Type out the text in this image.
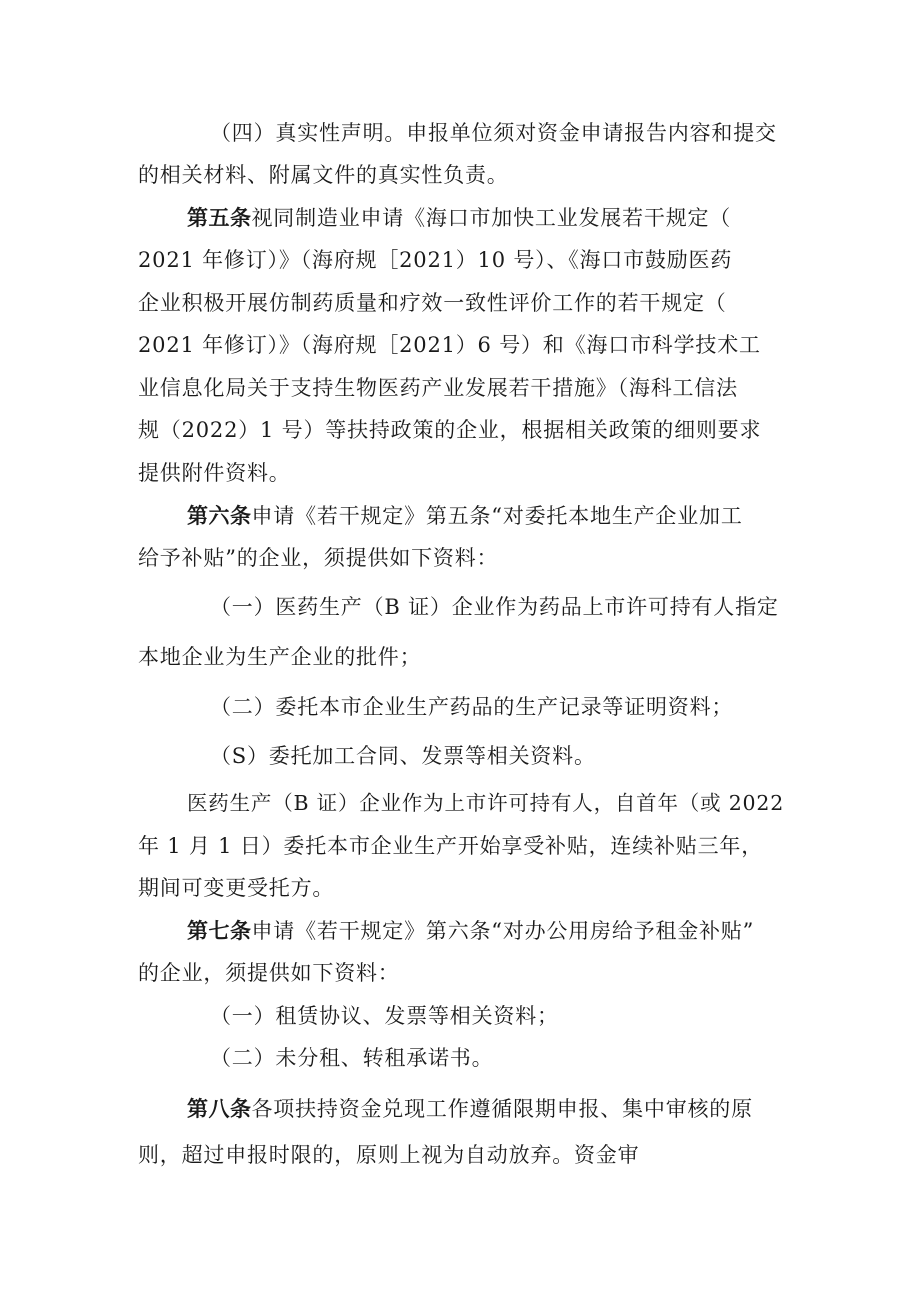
（四）真实性声明。申报单位须对资金申请报告内容和提交

的相关材料、附属文件的真实性负责。

第五条视同制造业申请《海口市加快工业发展若干规定（

2021 年修订）》（海府规［2021）10 号）、《海口市鼓励医药

企业积极开展仿制药质量和疗效一致性评价工作的若干规定（

2021 年修订）》（海府规［2021）6 号）和《海口市科学技术工

业信息化局关于支持生物医药产业发展若干措施》（海科工信法

规（2022）1 号）等扶持政策的企业，根据相关政策的细则要求

提供附件资料。

第六条申请《若干规定》第五条“对委托本地生产企业加工

给予补贴”的企业，须提供如下资料：

（一）医药生产（B 证）企业作为药品上市许可持有人指定

本地企业为生产企业的批件；

（二）委托本市企业生产药品的生产记录等证明资料；

（S）委托加工合同、发票等相关资料。

医药生产（B 证）企业作为上市许可持有人，自首年（或 2022

年 1 月 1 日）委托本市企业生产开始享受补贴，连续补贴三年，

期间可变更受托方。

第七条申请《若干规定》第六条“对办公用房给予租金补贴”

的企业，须提供如下资料：

（一）租赁协议、发票等相关资料；

（二）未分租、转租承诺书。

第八条各项扶持资金兑现工作遵循限期申报、集中审核的原

则，超过申报时限的，原则上视为自动放弃。资金审
